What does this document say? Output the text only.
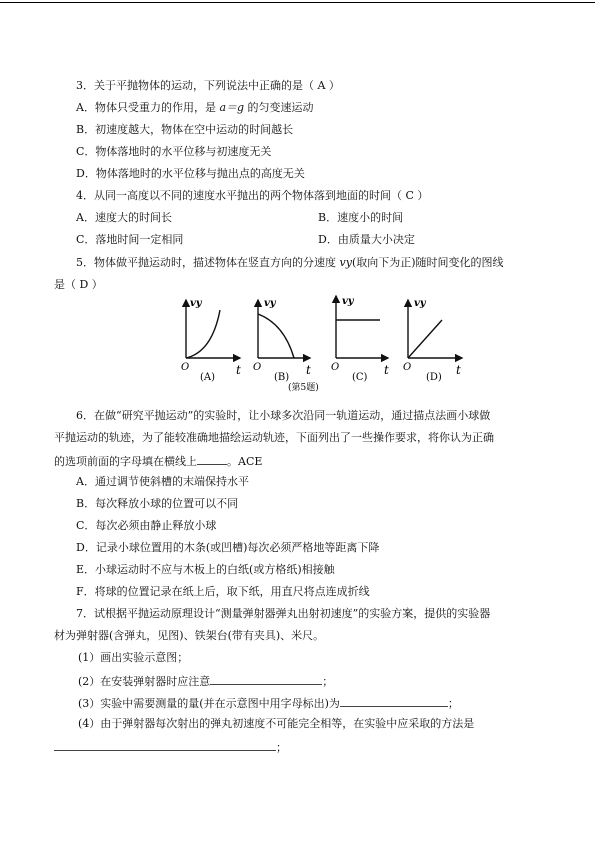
3．关于平抛物体的运动，下列说法中正确的是（ A ）
A．物体只受重力的作用，是 a＝g 的匀变速运动
B．初速度越大，物体在空中运动的时间越长
C．物体落地时的水平位移与初速度无关
D．物体落地时的水平位移与抛出点的高度无关
4．从同一高度以不同的速度水平抛出的两个物体落到地面的时间（ C ）
A．速度大的时间长	B．速度小的时间
C．落地时间一定相同	D．由质量大小决定
5．物体做平抛运动时，描述物体在竖直方向的分速度 vy(取向下为正)随时间变化的图线
是（ D ）
vy
O	t
(A)
vy
O	t
(B)
vy
O	t
(C)
vy
O	t
(D)
(第5题)
6．在做“研究平抛运动”的实验时，让小球多次沿同一轨道运动，通过描点法画小球做
平抛运动的轨迹，为了能较准确地描绘运动轨迹，下面列出了一些操作要求，将你认为正确
的选项前面的字母填在横线上	。ACE
A．通过调节使斜槽的末端保持水平
B．每次释放小球的位置可以不同
C．每次必须由静止释放小球
D．记录小球位置用的木条(或凹槽)每次必须严格地等距离下降
E．小球运动时不应与木板上的白纸(或方格纸)相接触
F．将球的位置记录在纸上后，取下纸，用直尺将点连成折线
7．试根据平抛运动原理设计“测量弹射器弹丸出射初速度”的实验方案，提供的实验器
材为弹射器(含弹丸，见图)、铁架台(带有夹具)、米尺。
(1）画出实验示意图；
(2）在安装弹射器时应注意	；
(3）实验中需要测量的量(并在示意图中用字母标出)为	；
(4）由于弹射器每次射出的弹丸初速度不可能完全相等，在实验中应采取的方法是
；
